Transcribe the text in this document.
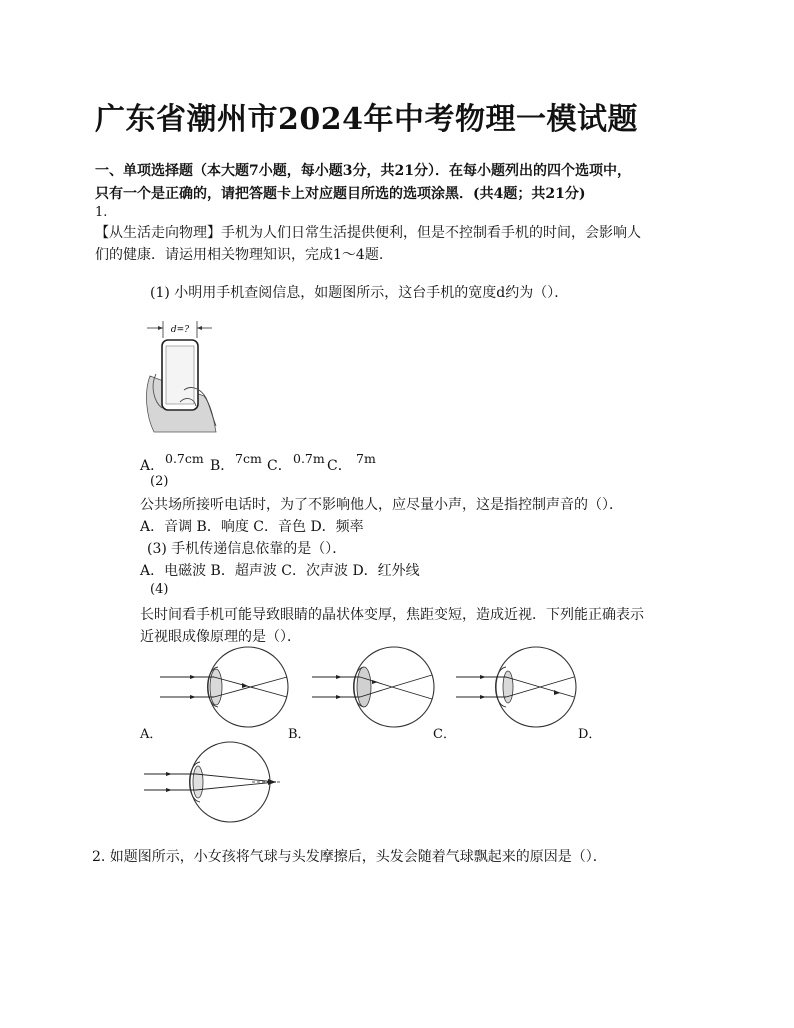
广东省潮州市2024年中考物理一模试题
一、单项选择题（本大题7小题，每小题3分，共21分）．在每小题列出的四个选项中，
只有一个是正确的，请把答题卡上对应题目所选的选项涂黑．(共4题；共21分)
1.
【从生活走向物理】手机为人们日常生活提供便利，但是不控制看手机的时间，会影响人
们的健康．请运用相关物理知识，完成1～4题.
(1) 小明用手机查阅信息，如题图所示，这台手机的宽度d约为（）．
d=?
A． 0.7cm B． 7cm C． 0.7m C． 7m
(2)
公共场所接听电话时，为了不影响他人，应尽量小声，这是指控制声音的（）．
A．音调 B．响度 C．音色 D．频率
(3) 手机传递信息依靠的是（）．
A．电磁波 B．超声波 C．次声波 D．红外线
(4)
长时间看手机可能导致眼睛的晶状体变厚，焦距变短，造成近视．下列能正确表示
近视眼成像原理的是（）．
A．	B．	C．	D．
2. 如题图所示，小女孩将气球与头发摩擦后，头发会随着气球飘起来的原因是（）．
